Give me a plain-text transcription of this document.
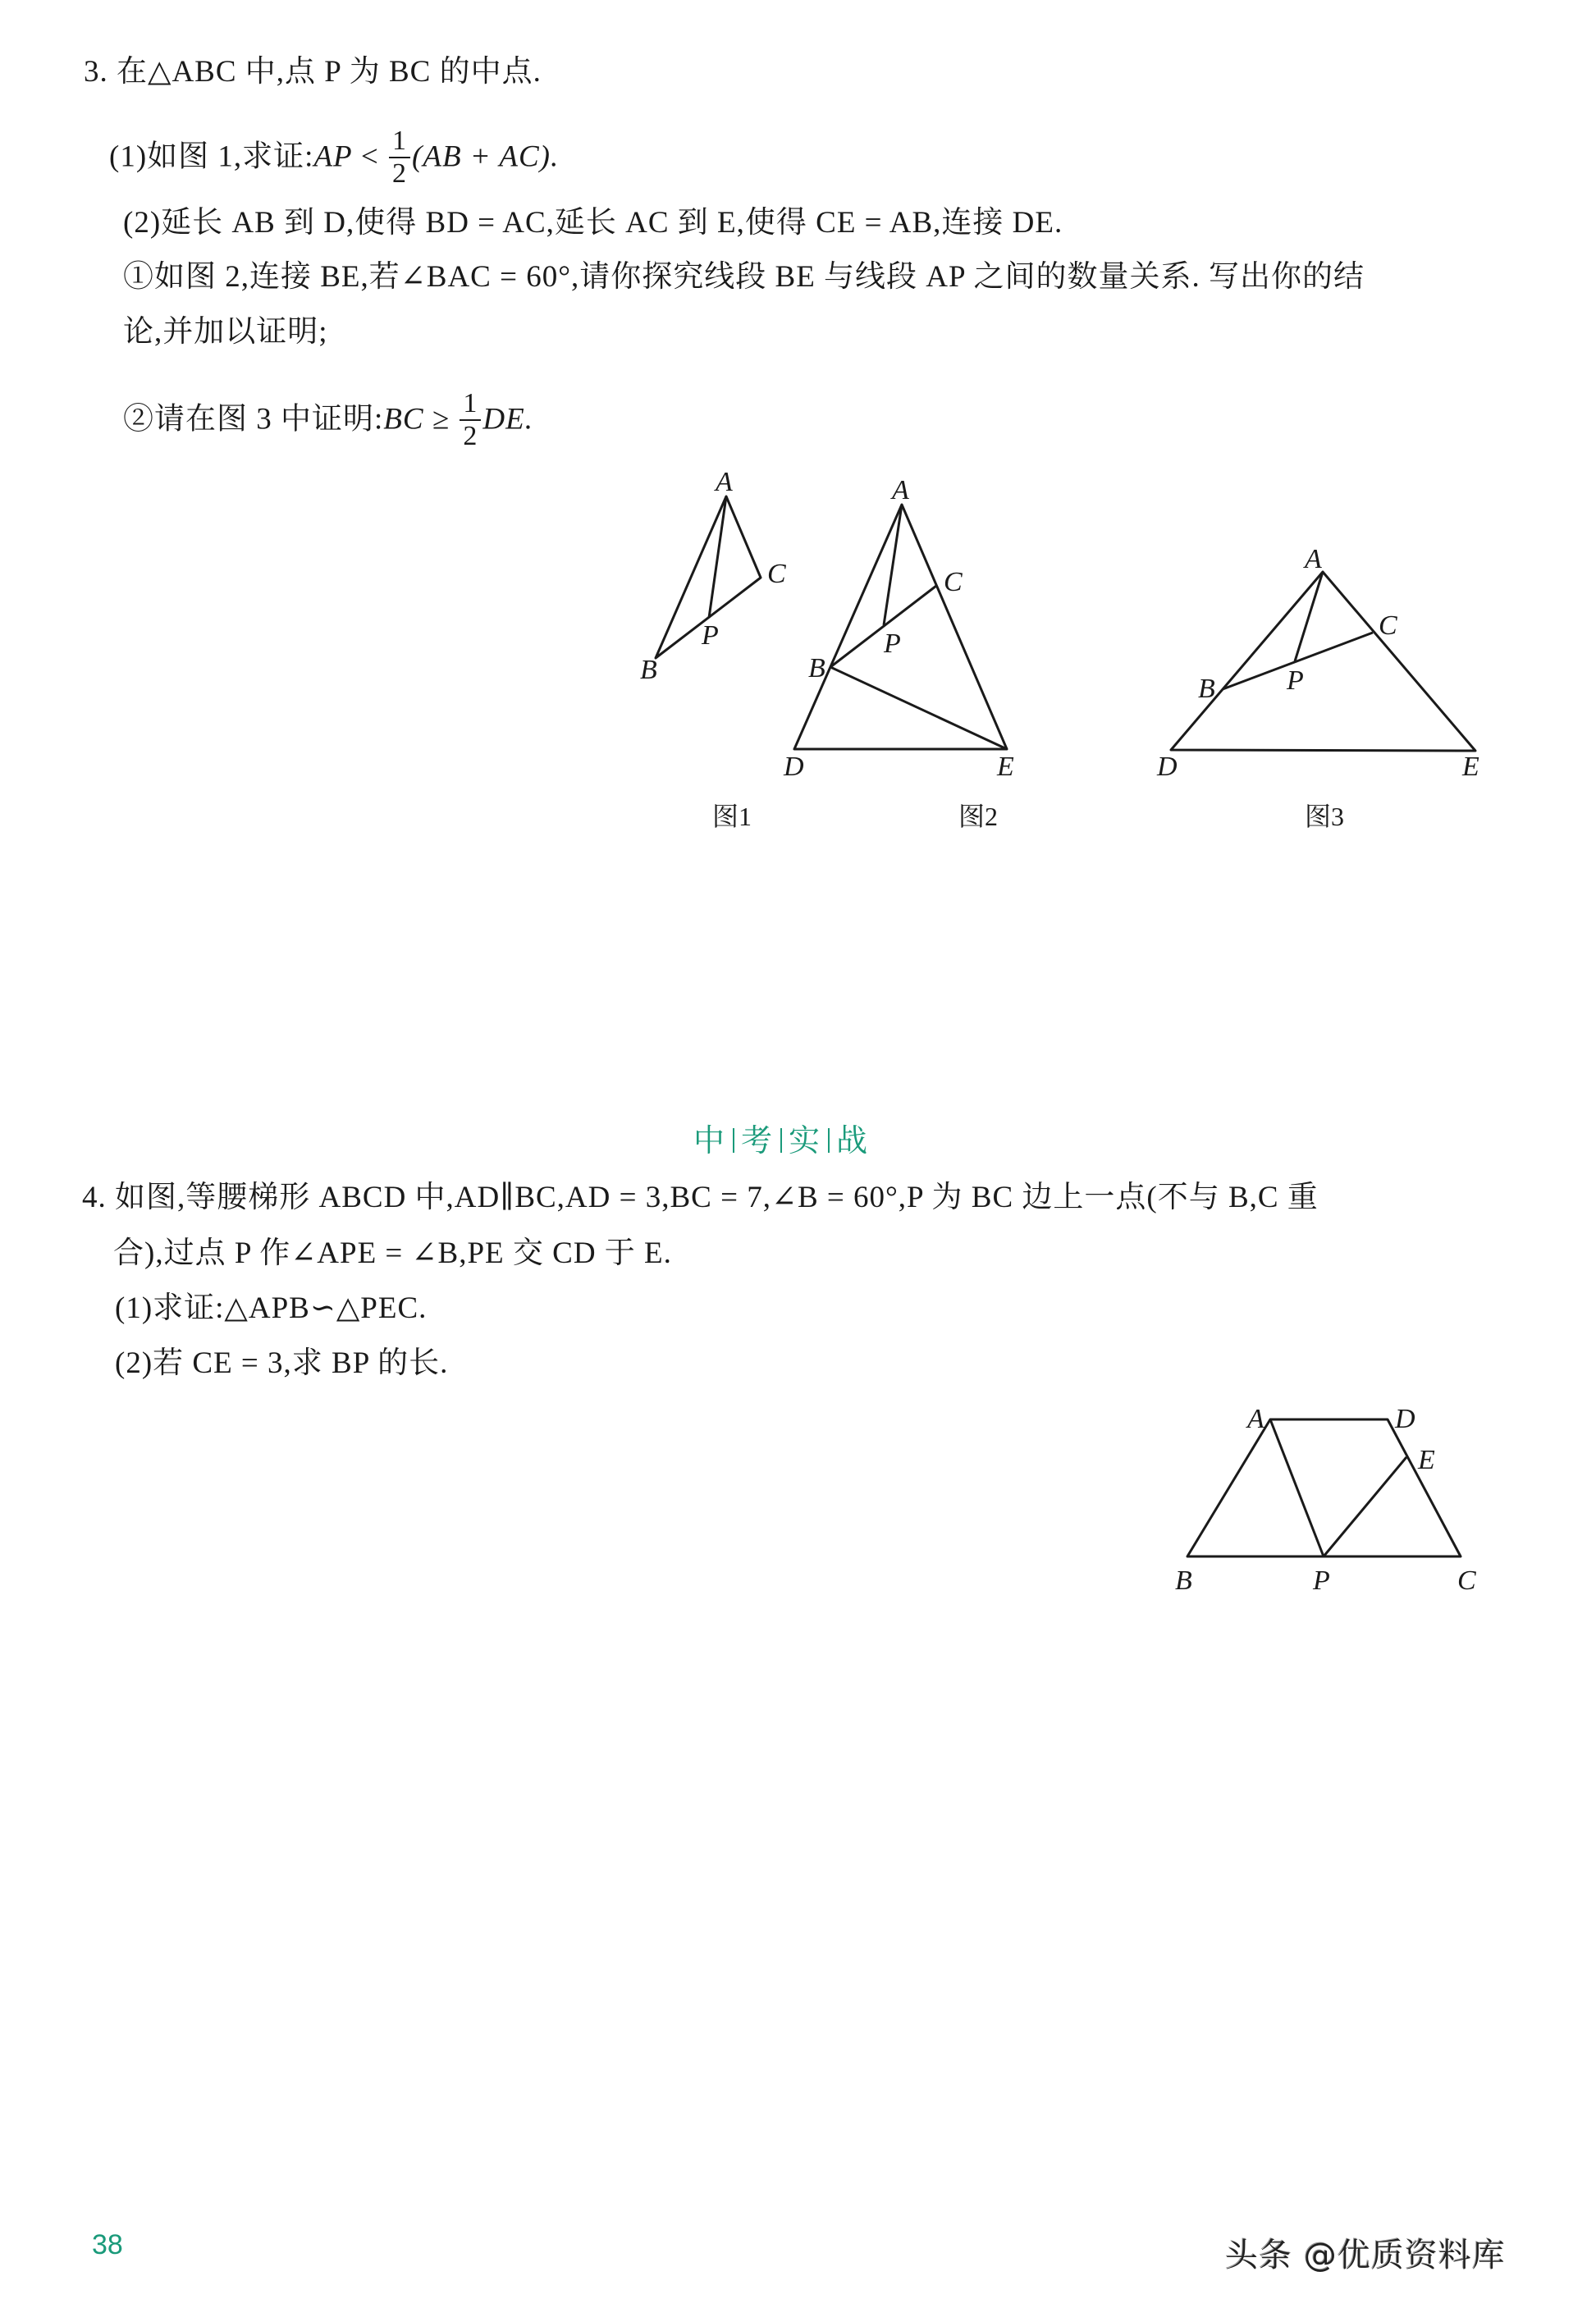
3. 在△ABC 中,点 P 为 BC 的中点.
(1)如图 1,求证:AP < $\frac{1}{2} (AB + AC)$.
(2)延长 AB 到 D,使得 BD = AC,延长 AC 到 E,使得 CE = AB,连接 DE.
①如图 2,连接 BE,若∠BAC = 60°,请你探究线段 BE 与线段 AP 之间的数量关系. 写出你的结
论,并加以证明;
②请在图 3 中证明:BC ≥ $\frac{1}{2}$ DE.
A
C
B
P
图1
A
C
P
B
D	E
图2
A
C
P
B
D	E
图3
A	D
E
B	P	C
中 考 实 战
4. 如图,等腰梯形 ABCD 中,AD∥BC,AD = 3,BC = 7,∠B = 60°,P 为 BC 边上一点(不与 B,C 重
合),过点 P 作∠APE = ∠B,PE 交 CD 于 E.
(1)求证:△APB∽△PEC.
(2)若 CE = 3,求 BP 的长.
38	头条 @优质资料库
